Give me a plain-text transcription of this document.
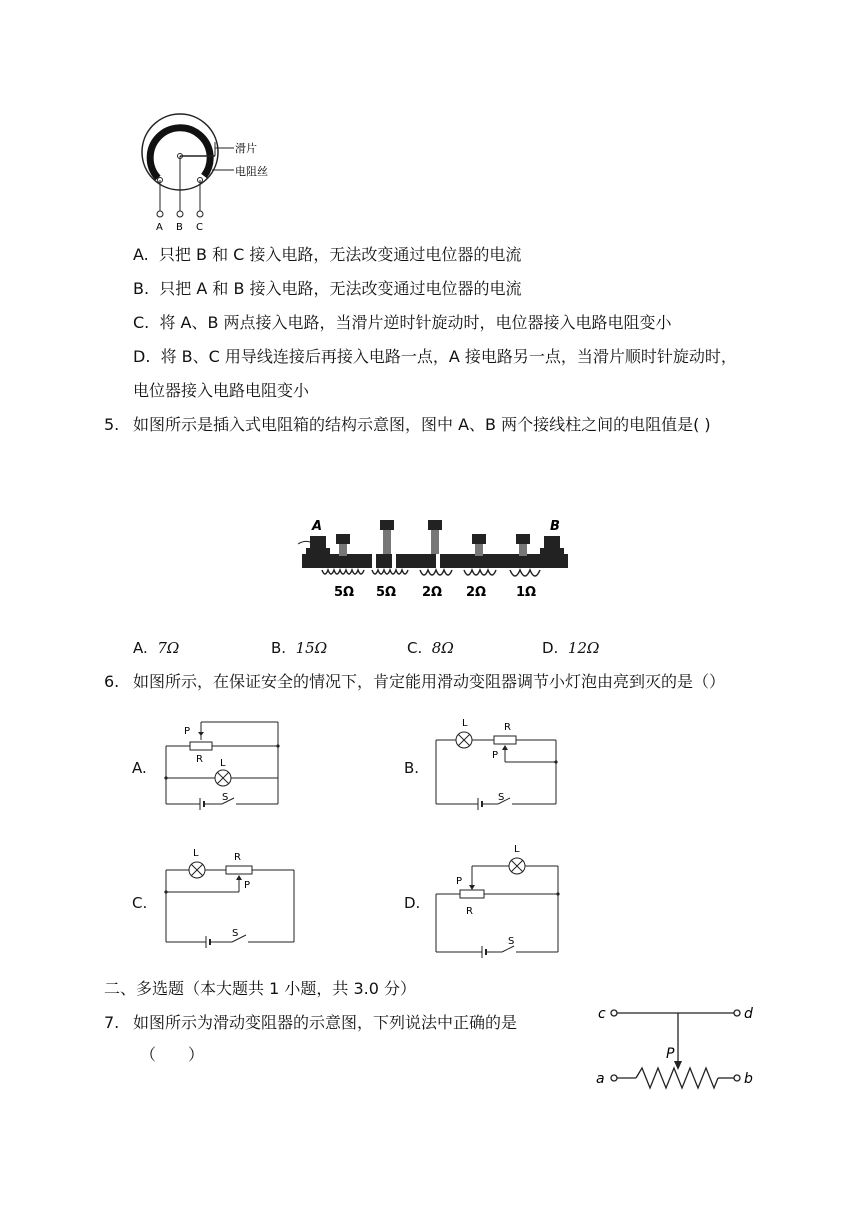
滑片
电阻丝
A B C
A. 只把 B 和 C 接入电路，无法改变通过电位器的电流
B. 只把 A 和 B 接入电路，无法改变通过电位器的电流
C. 将 A、B 两点接入电路，当滑片逆时针旋动时，电位器接入电路电阻变小
D. 将 B、C 用导线连接后再接入电路一点，A 接电路另一点，当滑片顺时针旋动时，
电位器接入电路电阻变小
5. 如图所示是插入式电阻箱的结构示意图，图中 A、B 两个接线柱之间的电阻值是( )
A	B
5Ω 5Ω 2Ω 2Ω 1Ω
A. 7Ω	B. 15Ω	C. 8Ω	D. 12Ω
6. 如图所示，在保证安全的情况下，肯定能用滑动变阻器调节小灯泡由亮到灭的是（）
A.
P
R L
S
B.
L	R
P
S
C.
L	R
P
S
D.
L
P
R
S
二、多选题（本大题共 1 小题，共 3.0 分）
7. 如图所示为滑动变阻器的示意图，下列说法中正确的是
（　　）
c	d
P
a	b
